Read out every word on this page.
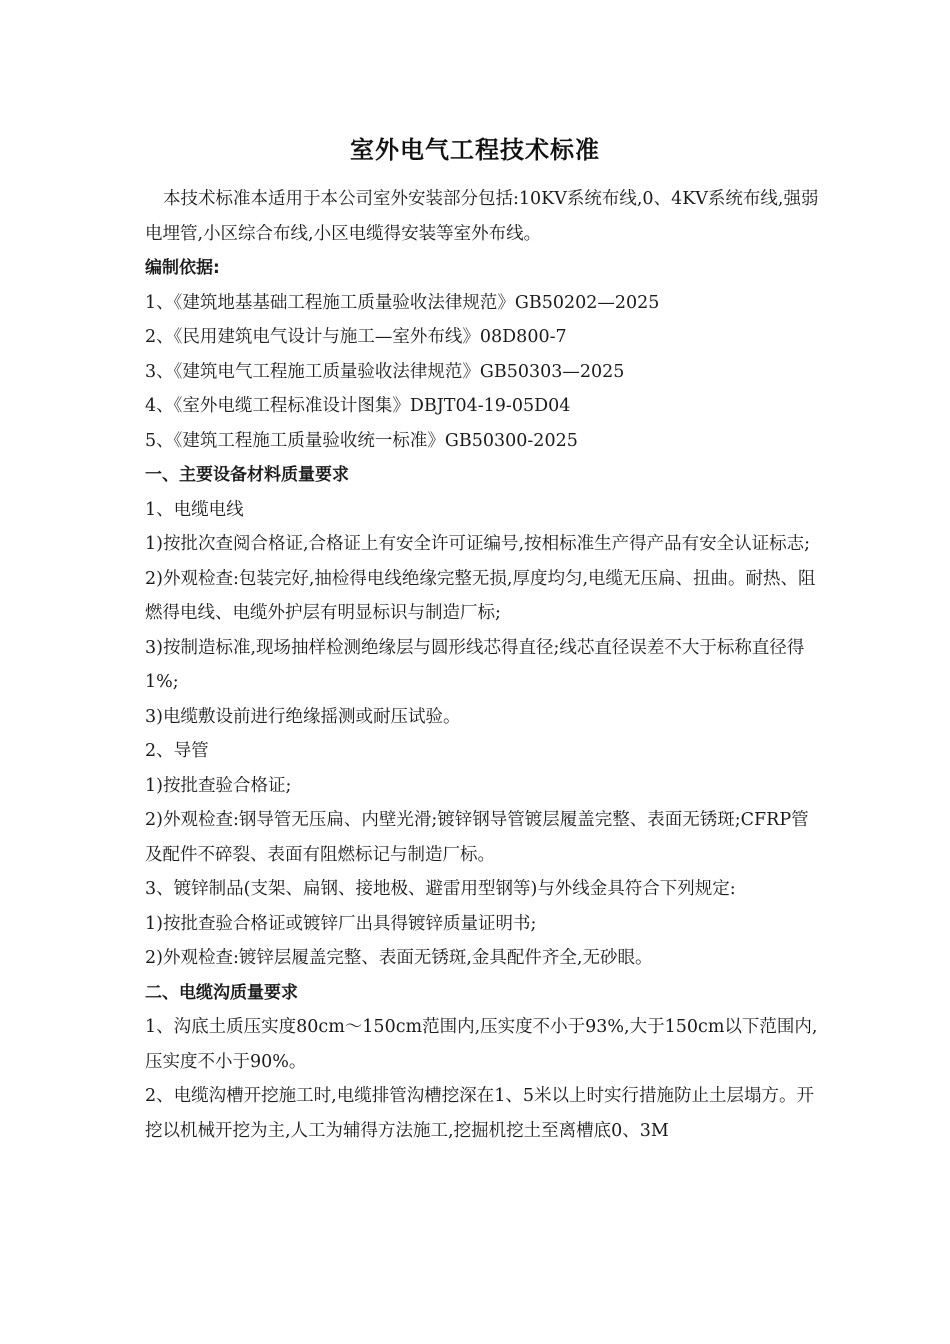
室外电气工程技术标准

本技术标准本适用于本公司室外安装部分包括:10KV系统布线,0、4KV系统布线,强弱电埋管,小区综合布线,小区电缆得安装等室外布线。

编制依据:

1、《建筑地基基础工程施工质量验收法律规范》GB50202—2025

2、《民用建筑电气设计与施工—室外布线》08D800-7

3、《建筑电气工程施工质量验收法律规范》GB50303—2025

4、《室外电缆工程标准设计图集》DBJT04-19-05D04

5、《建筑工程施工质量验收统一标准》GB50300-2025

一、主要设备材料质量要求

1、电缆电线

1)按批次查阅合格证,合格证上有安全许可证编号,按相标准生产得产品有安全认证标志;

2)外观检查:包装完好,抽检得电线绝缘完整无损,厚度均匀,电缆无压扁、扭曲。耐热、阻燃得电线、电缆外护层有明显标识与制造厂标;

3)按制造标准,现场抽样检测绝缘层与圆形线芯得直径;线芯直径误差不大于标称直径得1%;

3)电缆敷设前进行绝缘摇测或耐压试验。

2、导管

1)按批查验合格证;

2)外观检查:钢导管无压扁、内壁光滑;镀锌钢导管镀层履盖完整、表面无锈斑;CFRP管及配件不碎裂、表面有阻燃标记与制造厂标。

3、镀锌制品(支架、扁钢、接地极、避雷用型钢等)与外线金具符合下列规定:

1)按批查验合格证或镀锌厂出具得镀锌质量证明书;

2)外观检查:镀锌层履盖完整、表面无锈斑,金具配件齐全,无砂眼。

二、电缆沟质量要求

1、沟底土质压实度80cm～150cm范围内,压实度不小于93%,大于150cm以下范围内,压实度不小于90%。

2、电缆沟槽开挖施工时,电缆排管沟槽挖深在1、5米以上时实行措施防止土层塌方。开挖以机械开挖为主,人工为辅得方法施工,挖掘机挖土至离槽底0、3M
